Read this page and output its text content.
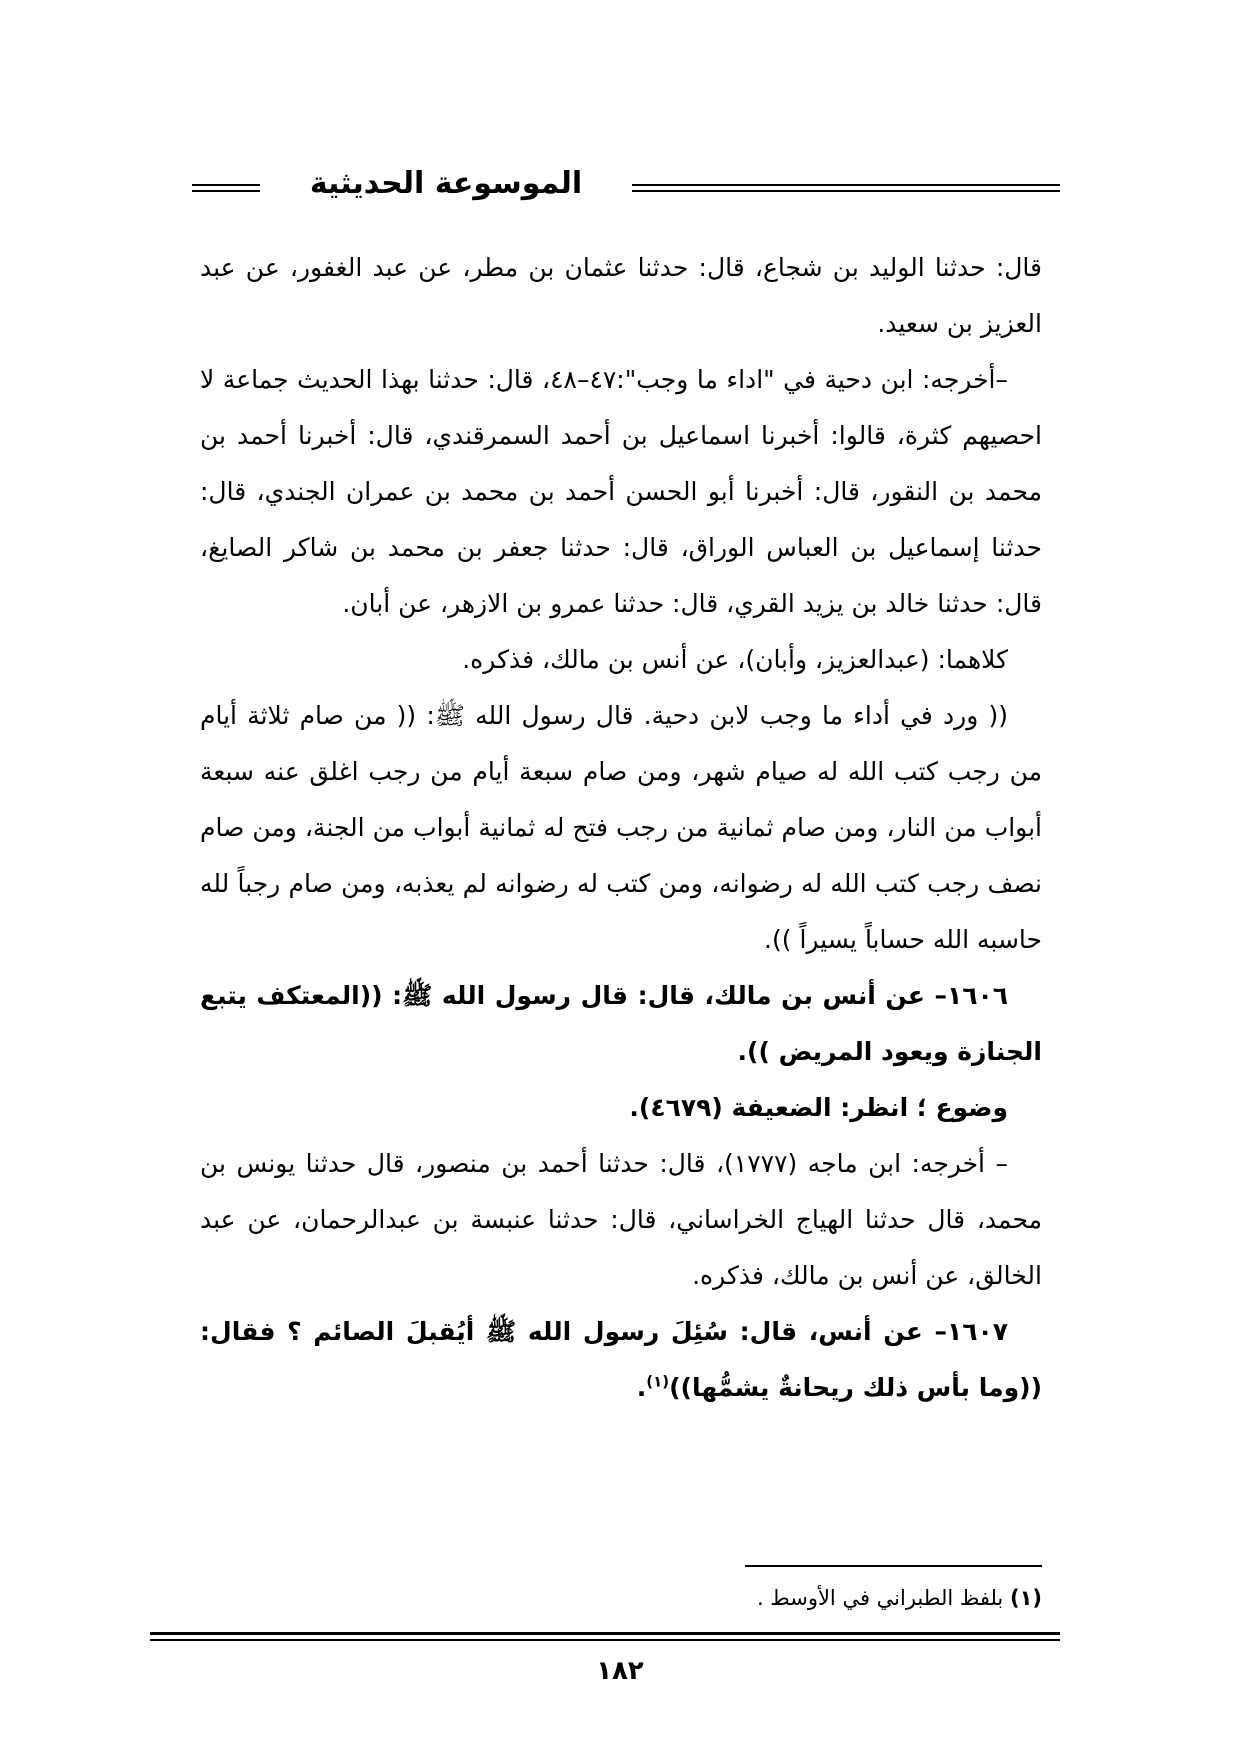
الموسوعة الحديثية

قال: حدثنا الوليد بن شجاع، قال: حدثنا عثمان بن مطر، عن عبد الغفور، عن عبد العزيز بن سعيد.

–أخرجه: ابن دحية في "اداء ما وجب":٤٧–٤٨، قال: حدثنا بهذا الحديث جماعة لا احصيهم كثرة، قالوا: أخبرنا اسماعيل بن أحمد السمرقندي، قال: أخبرنا أحمد بن محمد بن النقور، قال: أخبرنا أبو الحسن أحمد بن محمد بن عمران الجندي، قال: حدثنا إسماعيل بن العباس الوراق، قال: حدثنا جعفر بن محمد بن شاكر الصايغ، قال: حدثنا خالد بن يزيد القري، قال: حدثنا عمرو بن الازهر، عن أبان.

كلاهما: (عبدالعزيز، وأبان)، عن أنس بن مالك، فذكره.

(( ورد في أداء ما وجب لابن دحية. قال رسول الله ﷺ: (( من صام ثلاثة أيام من رجب كتب الله له صيام شهر، ومن صام سبعة أيام من رجب اغلق عنه سبعة أبواب من النار، ومن صام ثمانية من رجب فتح له ثمانية أبواب من الجنة، ومن صام نصف رجب كتب الله له رضوانه، ومن كتب له رضوانه لم يعذبه، ومن صام رجباً لله حاسبه الله حساباً يسيراً )).

١٦٠٦– عن أنس بن مالك، قال: قال رسول الله ﷺ: ((المعتكف يتبع الجنازة ويعود المريض )).

وضوع ؛ انظر: الضعيفة (٤٦٧٩).

– أخرجه: ابن ماجه (١٧٧٧)، قال: حدثنا أحمد بن منصور، قال حدثنا يونس بن محمد، قال حدثنا الهياج الخراساني، قال: حدثنا عنبسة بن عبدالرحمان، عن عبد الخالق، عن أنس بن مالك، فذكره.

١٦٠٧– عن أنس، قال: سُئِلَ رسول الله ﷺ أيُقبلَ الصائم ؟ فقال: ((وما بأس ذلك ريحانةٌ يشمُّها))$^{(١)}$.

(١) بلفظ الطبراني في الأوسط .
١٨٢
